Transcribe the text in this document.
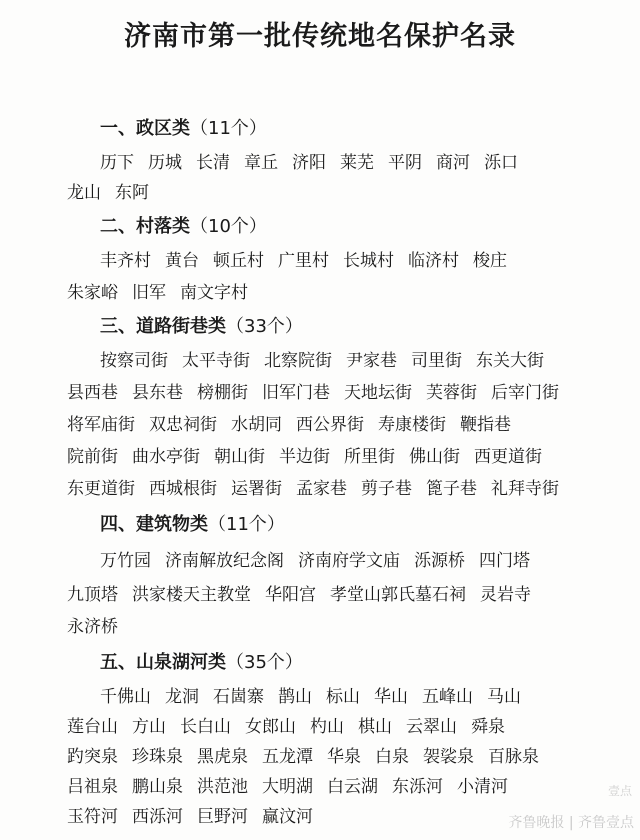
济南市第一批传统地名保护名录
一、政区类（11个）
历下 历城 长清 章丘 济阳 莱芜 平阴 商河 泺口
龙山 东阿
二、村落类（10个）
丰齐村 黄台 顿丘村 广里村 长城村 临济村 梭庄
朱家峪 旧军 南文字村
三、道路街巷类（33个）
按察司街 太平寺街 北察院街 尹家巷 司里街 东关大街
县西巷 县东巷 榜棚街 旧军门巷 天地坛街 芙蓉街 后宰门街
将军庙街 双忠祠街 水胡同 西公界街 寿康楼街 鞭指巷
院前街 曲水亭街 朝山街 半边街 所里街 佛山街 西更道街
东更道街 西城根街 运署街 孟家巷 剪子巷 篦子巷 礼拜寺街
四、建筑物类（11个）
万竹园 济南解放纪念阁 济南府学文庙 泺源桥 四门塔
九顶塔 洪家楼天主教堂 华阳宫 孝堂山郭氏墓石祠 灵岩寺
永济桥
五、山泉湖河类（35个）
千佛山 龙洞 石崮寨 鹊山 标山 华山 五峰山 马山
莲台山 方山 长白山 女郎山 杓山 棋山 云翠山 舜泉
趵突泉 珍珠泉 黑虎泉 五龙潭 华泉 白泉 袈裟泉 百脉泉
吕祖泉 鹏山泉 洪范池 大明湖 白云湖 东泺河 小清河
玉符河 西泺河 巨野河 赢汶河
壹点
齐鲁晚报 | 齐鲁壹点
